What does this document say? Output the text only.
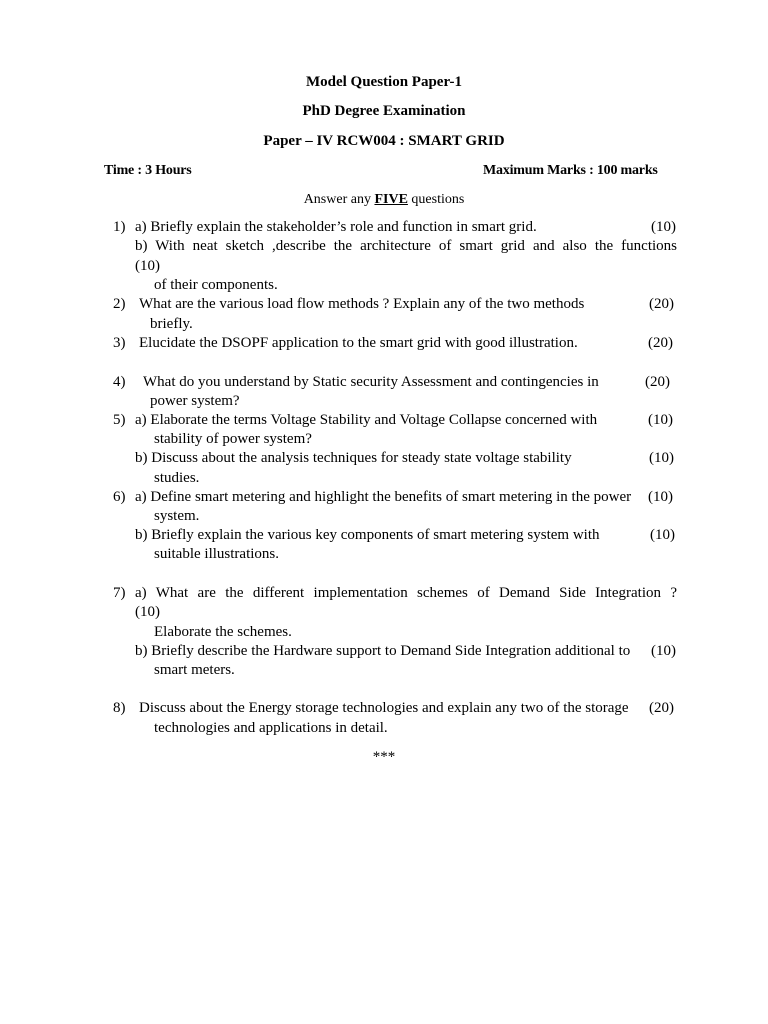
Model Question Paper-1
PhD Degree Examination
Paper – IV RCW004 : SMART GRID
Time : 3 Hours	Maximum Marks : 100 marks
Answer any FIVE questions
1) a) Briefly explain the stakeholder’s role and function in smart grid.	(10)
b) With neat sketch ,describe the architecture of smart grid and also the functions
(10)
of their components.
2) What are the various load flow methods ? Explain any of the two methods	(20)
briefly.
3) Elucidate the DSOPF application to the smart grid with good illustration.	(20)
4) What do you understand by Static security Assessment and contingencies in	(20)
power system?
5) a) Elaborate the terms Voltage Stability and Voltage Collapse concerned with	(10)
stability of power system?
b) Discuss about the analysis techniques for steady state voltage stability	(10)
studies.
6) a) Define smart metering and highlight the benefits of smart metering in the power (10)
system.
b) Briefly explain the various key components of smart metering system with	(10)
suitable illustrations.
7) a) What are the different implementation schemes of Demand Side Integration ?
(10)
Elaborate the schemes.
b) Briefly describe the Hardware support to Demand Side Integration additional to (10)
smart meters.
8) Discuss about the Energy storage technologies and explain any two of the storage (20)
technologies and applications in detail.
***
